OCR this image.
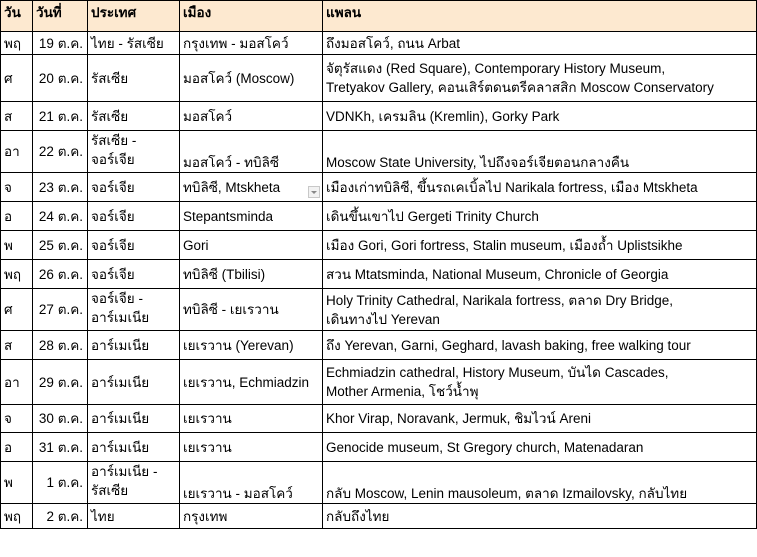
วัน	วันที่	ประเทศ	เมือง	แพลน
พฤ	19 ต.ค.	ไทย - รัสเซีย	กรุงเทพ - มอสโคว์	ถึงมอสโคว์, ถนน Arbat

ศ	20 ต.ค.	รัสเซีย	มอสโคว์ (Moscow)	จัตุรัสแดง (Red Square), Contemporary History Museum,
Tretyakov Gallery, คอนเสิร์ตดนตรีคลาสสิก Moscow Conservatory

ส	21 ต.ค.	รัสเซีย	มอสโคว์	VDNKh, เครมลิน (Kremlin), Gorky Park

อา	22 ต.ค.	รัสเซีย -
จอร์เจีย	มอสโคว์ - ทบิลิซี	Moscow State University, ไปถึงจอร์เจียตอนกลางคืน

จ	23 ต.ค.	จอร์เจีย	ทบิลิซี, Mtskheta	เมืองเก่าทบิลิซี, ขึ้นรถเคเบิ้ลไป Narikala fortress, เมือง Mtskheta

อ	24 ต.ค.	จอร์เจีย	Stepantsminda	เดินขึ้นเขาไป Gergeti Trinity Church

พ	25 ต.ค.	จอร์เจีย	Gori	เมือง Gori, Gori fortress, Stalin museum, เมืองถ้ำ Uplistsikhe

พฤ	26 ต.ค.	จอร์เจีย	ทบิลิซี (Tbilisi)	สวน Mtatsminda, National Museum, Chronicle of Georgia

ศ	27 ต.ค.	จอร์เจีย -
อาร์เมเนีย	ทบิลิซี - เยเรวาน	Holy Trinity Cathedral, Narikala fortress, ตลาด Dry Bridge,
เดินทางไป Yerevan

ส	28 ต.ค.	อาร์เมเนีย	เยเรวาน (Yerevan)	ถึง Yerevan, Garni, Geghard, lavash baking, free walking tour

อา	29 ต.ค.	อาร์เมเนีย	เยเรวาน, Echmiadzin	Echmiadzin cathedral, History Museum, บันได Cascades,
Mother Armenia, โชว์น้ำพุ

จ	30 ต.ค.	อาร์เมเนีย	เยเรวาน	Khor Virap, Noravank, Jermuk, ชิมไวน์ Areni

อ	31 ต.ค.	อาร์เมเนีย	เยเรวาน	Genocide museum, St Gregory church, Matenadaran

พ	1 ต.ค.	อาร์เมเนีย -
รัสเซีย	เยเรวาน - มอสโคว์	กลับ Moscow, Lenin mausoleum, ตลาด Izmailovsky, กลับไทย

พฤ	2 ต.ค.	ไทย	กรุงเทพ	กลับถึงไทย
